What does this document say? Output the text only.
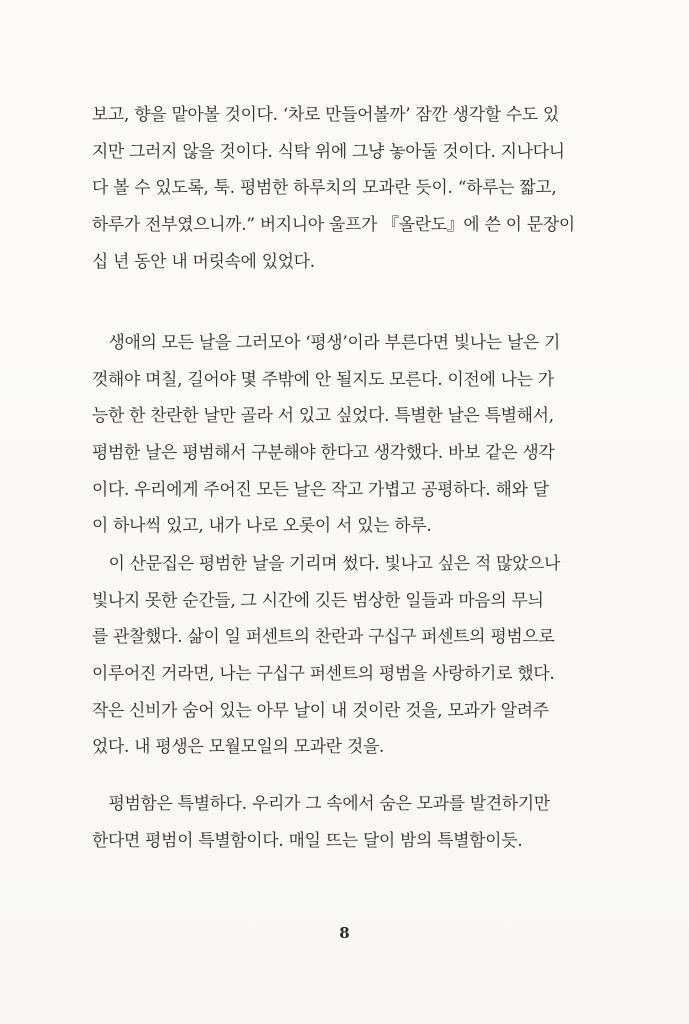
보고, 향을 맡아볼 것이다. ‘차로 만들어볼까’ 잠깐 생각할 수도 있
지만 그러지 않을 것이다. 식탁 위에 그냥 놓아둘 것이다. 지나다니
다 볼 수 있도록, 툭. 평범한 하루치의 모과란 듯이. “하루는 짧고,
하루가 전부였으니까.” 버지니아 울프가 『올란도』에 쓴 이 문장이
십 년 동안 내 머릿속에 있었다.
　생애의 모든 날을 그러모아 ‘평생’이라 부른다면 빛나는 날은 기
껏해야 며칠, 길어야 몇 주밖에 안 될지도 모른다. 이전에 나는 가
능한 한 찬란한 날만 골라 서 있고 싶었다. 특별한 날은 특별해서,
평범한 날은 평범해서 구분해야 한다고 생각했다. 바보 같은 생각
이다. 우리에게 주어진 모든 날은 작고 가볍고 공평하다. 해와 달
이 하나씩 있고, 내가 나로 오롯이 서 있는 하루.
　이 산문집은 평범한 날을 기리며 썼다. 빛나고 싶은 적 많았으나
빛나지 못한 순간들, 그 시간에 깃든 범상한 일들과 마음의 무늬
를 관찰했다. 삶이 일 퍼센트의 찬란과 구십구 퍼센트의 평범으로
이루어진 거라면, 나는 구십구 퍼센트의 평범을 사랑하기로 했다.
작은 신비가 숨어 있는 아무 날이 내 것이란 것을, 모과가 알려주
었다. 내 평생은 모월모일의 모과란 것을.
　평범함은 특별하다. 우리가 그 속에서 숨은 모과를 발견하기만
한다면 평범이 특별함이다. 매일 뜨는 달이 밤의 특별함이듯.
8
